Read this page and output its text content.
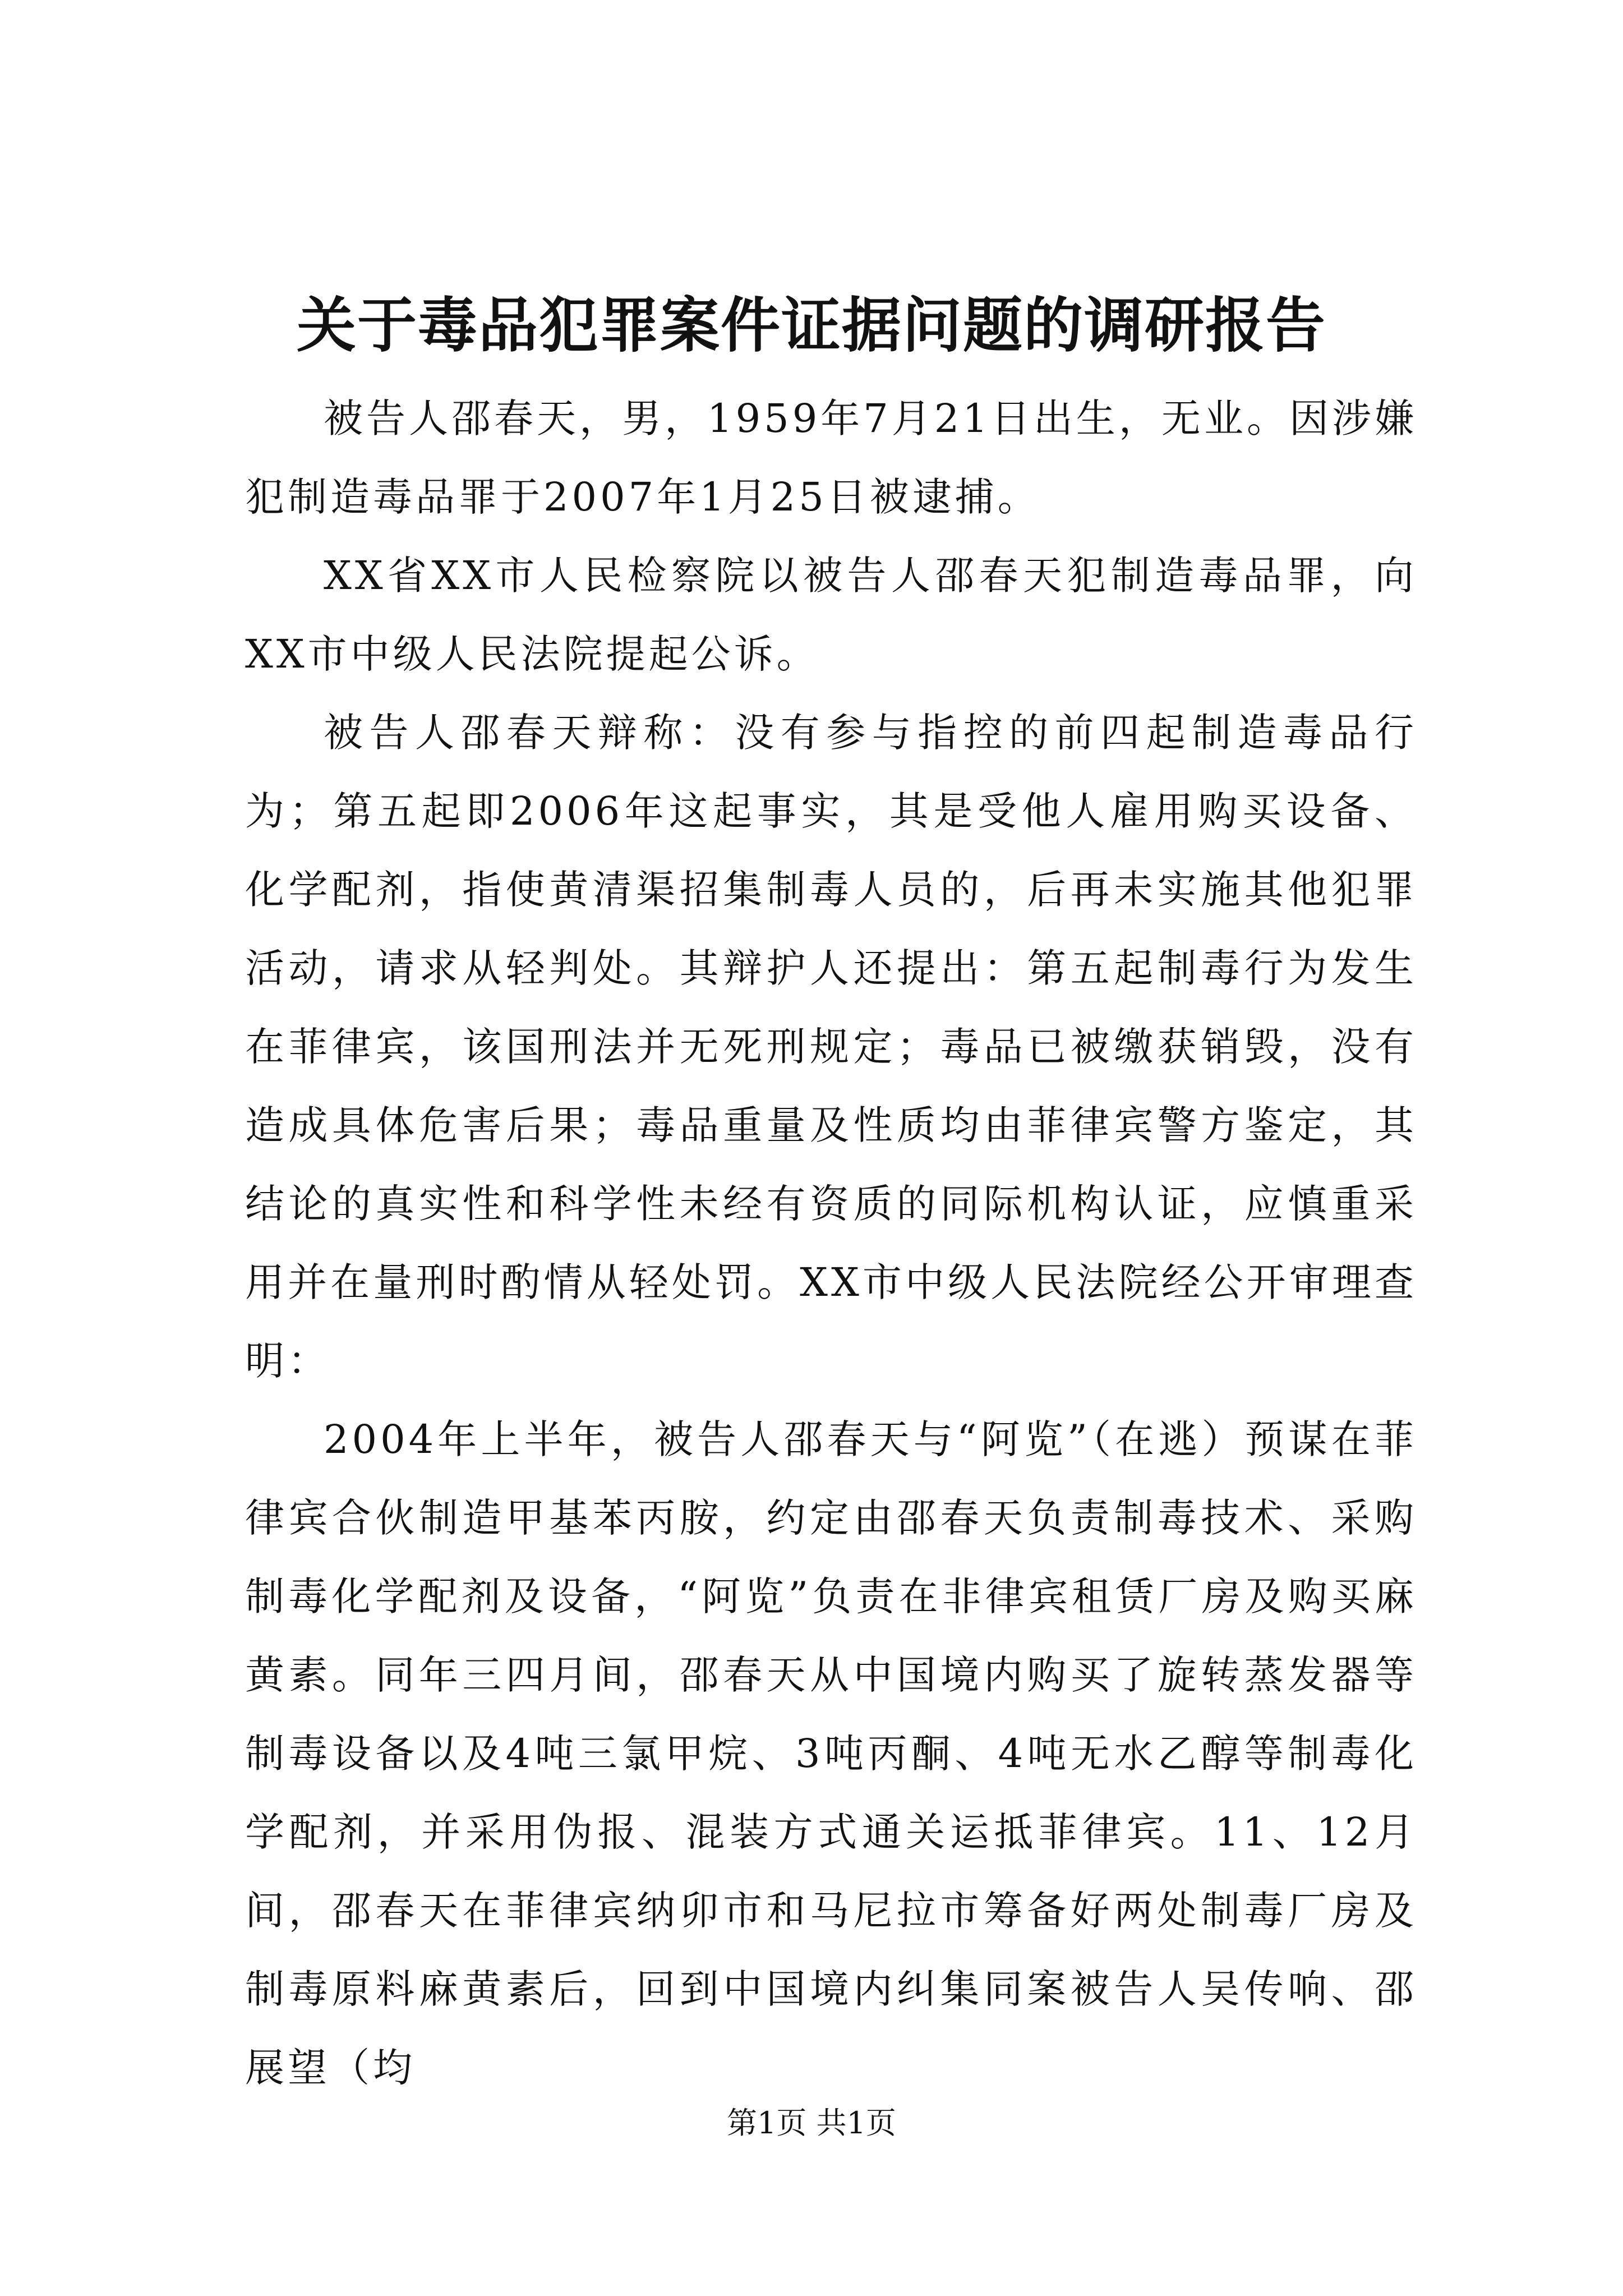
关于毒品犯罪案件证据问题的调研报告

被告人邵春天，男，1959年7月21日出生，无业。因涉嫌犯制造毒品罪于2007年1月25日被逮捕。

XX省XX市人民检察院以被告人邵春天犯制造毒品罪，向XX市中级人民法院提起公诉。

被告人邵春天辩称：没有参与指控的前四起制造毒品行为；第五起即2006年这起事实，其是受他人雇用购买设备、化学配剂，指使黄清渠招集制毒人员的，后再未实施其他犯罪活动，请求从轻判处。其辩护人还提出：第五起制毒行为发生在菲律宾，该国刑法并无死刑规定；毒品已被缴获销毁，没有造成具体危害后果；毒品重量及性质均由菲律宾警方鉴定，其结论的真实性和科学性未经有资质的同际机构认证，应慎重采用并在量刑时酌情从轻处罚。XX市中级人民法院经公开审理查明：

2004年上半年，被告人邵春天与“阿览”（在逃）预谋在菲律宾合伙制造甲基苯丙胺，约定由邵春天负责制毒技术、采购制毒化学配剂及设备，“阿览”负责在非律宾租赁厂房及购买麻黄素。同年三四月间，邵春天从中国境内购买了旋转蒸发器等制毒设备以及4吨三氯甲烷、3吨丙酮、4吨无水乙醇等制毒化学配剂，并采用伪报、混装方式通关运抵菲律宾。11、12月间，邵春天在菲律宾纳卯市和马尼拉市筹备好两处制毒厂房及制毒原料麻黄素后，回到中国境内纠集同案被告人吴传响、邵展望（均

第1页 共1页
